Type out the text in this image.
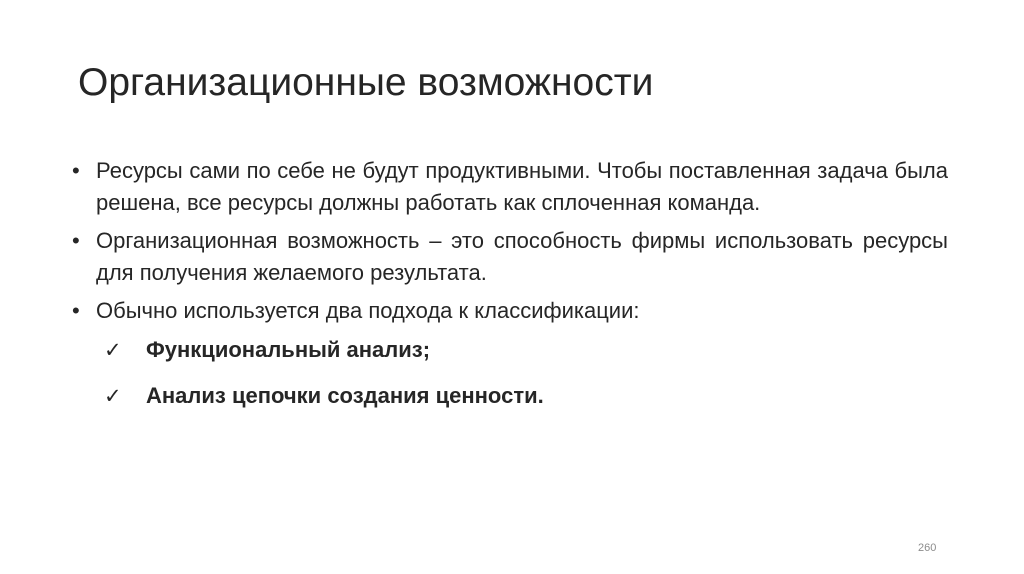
Организационные возможности
• Ресурсы сами по себе не будут продуктивными. Чтобы поставленная задача была решена, все ресурсы должны работать как сплоченная команда.
• Организационная возможность – это способность фирмы использовать ресурсы для получения желаемого результата.
• Обычно используется два подхода к классификации:
✓ Функциональный анализ;
✓ Анализ цепочки создания ценности.
260
